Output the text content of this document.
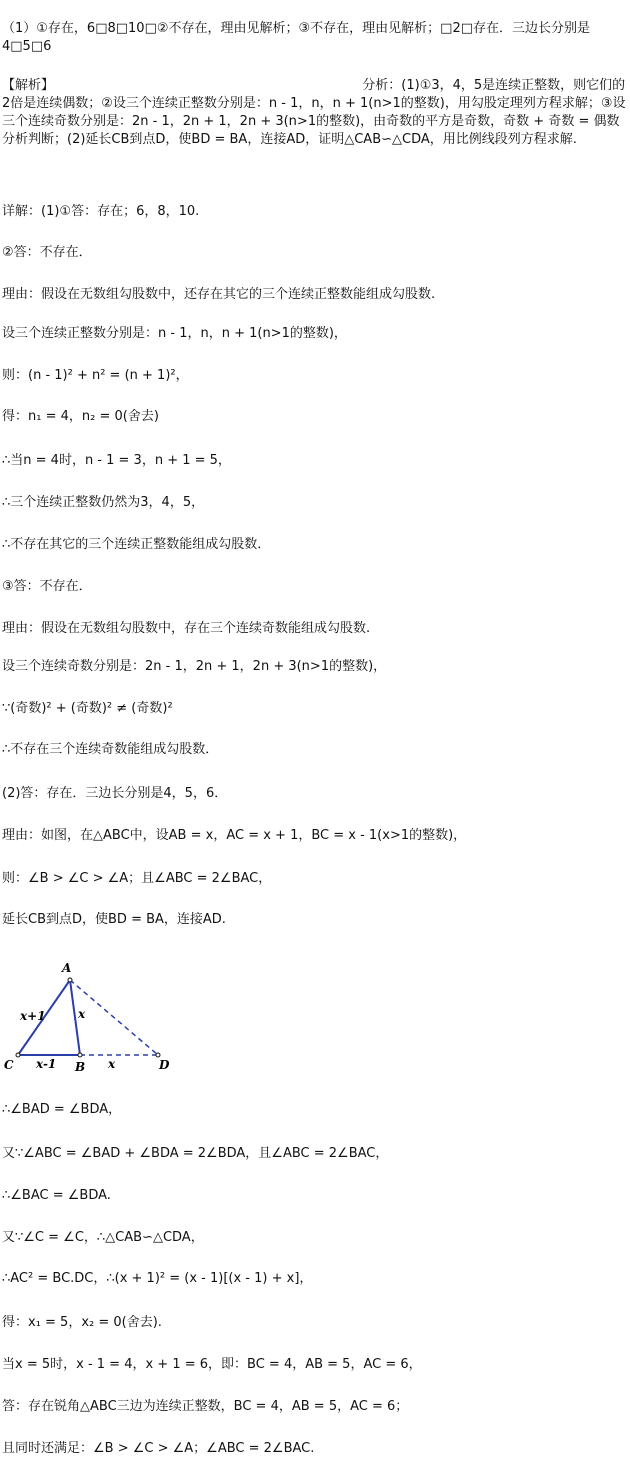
（1）①存在，6□8□10□②不存在，理由见解析；③不存在，理由见解析；□2□存在．三边长分别是4□5□6
【解析】	分析：(1)①3，4，5是连续正整数，则它们的2倍是连续偶数；②设三个连续正整数分别是：n - 1，n，n + 1(n>1的整数)，用勾股定理列方程求解；③设三个连续奇数分别是：2n - 1，2n + 1，2n + 3(n>1的整数)，由奇数的平方是奇数，奇数 + 奇数 = 偶数分析判断；(2)延长CB到点D，使BD = BA，连接AD，证明△CAB∽△CDA，用比例线段列方程求解.
详解：(1)①答：存在；6，8，10.
②答：不存在．
理由：假设在无数组勾股数中，还存在其它的三个连续正整数能组成勾股数.
设三个连续正整数分别是：n - 1，n，n + 1(n>1的整数)，
则：(n - 1)² + n² = (n + 1)²，
得：n₁ = 4，n₂ = 0(舍去)
∴当n = 4时，n - 1 = 3，n + 1 = 5，
∴三个连续正整数仍然为3，4，5，
∴不存在其它的三个连续正整数能组成勾股数．
③答：不存在．
理由：假设在无数组勾股数中，存在三个连续奇数能组成勾股数.
设三个连续奇数分别是：2n - 1，2n + 1，2n + 3(n>1的整数)，
∵(奇数)² + (奇数)² ≠ (奇数)²
∴不存在三个连续奇数能组成勾股数．
(2)答：存在．三边长分别是4，5，6．
理由：如图，在△ABC中，设AB = x，AC = x + 1，BC = x - 1(x>1的整数)，
则：∠B > ∠C > ∠A；且∠ABC = 2∠BAC，
延长CB到点D，使BD = BA，连接AD.
A
C	B	D
x+1	x
x-1	x
∴∠BAD = ∠BDA，
又∵∠ABC = ∠BAD + ∠BDA = 2∠BDA，且∠ABC = 2∠BAC，
∴∠BAC = ∠BDA.
又∵∠C = ∠C，∴△CAB∽△CDA，
∴AC² = BC.DC，∴(x + 1)² = (x - 1)[(x - 1) + x]，
得：x₁ = 5，x₂ = 0(舍去).
当x = 5时，x - 1 = 4，x + 1 = 6，即：BC = 4，AB = 5，AC = 6，
答：存在锐角△ABC三边为连续正整数，BC = 4，AB = 5，AC = 6；
且同时还满足：∠B > ∠C > ∠A；∠ABC = 2∠BAC.
